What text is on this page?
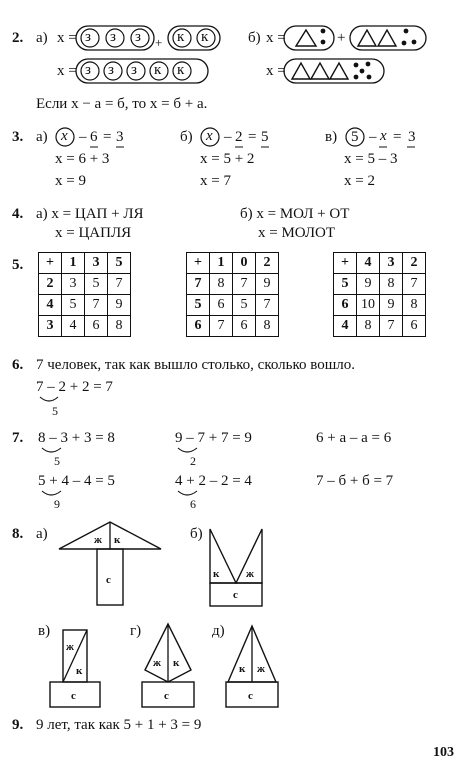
2. а) x =
x =
б) x =
x =
з з з + к к
з з з к к
+
Если x − а = б, то x = б + а.
3. а) x – 6 = 3
x = 6 + 3
x = 9
б) x – 2 = 5
x = 5 + 2
x = 7
в) 5 – x = 3
x = 5 – 3
x = 2
4. а) x = ЦАП + ЛЯ
x = ЦАПЛЯ
б) x = МОЛ + ОТ
x = МОЛОТ
5. +	1	3	5
2	3	5	7
4	5	7	9
3	4	6	8
+	1	0	2
7	8	7	9
5	6	5	7
6	7	6	8
+	4	3	2
5	9	8	7
6	10	9	8
4	8	7	6
6. 7 человек, так как вышло столько, сколько вошло.
7 – 2 + 2 = 7
5
7. 8 – 3 + 3 = 8
5
9 – 7 + 7 = 9
2
6 + а – а = 6
5 + 4 – 4 = 5
9
4 + 2 – 2 = 4
6
7 – б + б = 7
8. а)	б)
в)	г)	д)
ж к
с	к ж
с
ж
к
с
ж к
с
к ж
с
9. 9 лет, так как 5 + 1 + 3 = 9
103
